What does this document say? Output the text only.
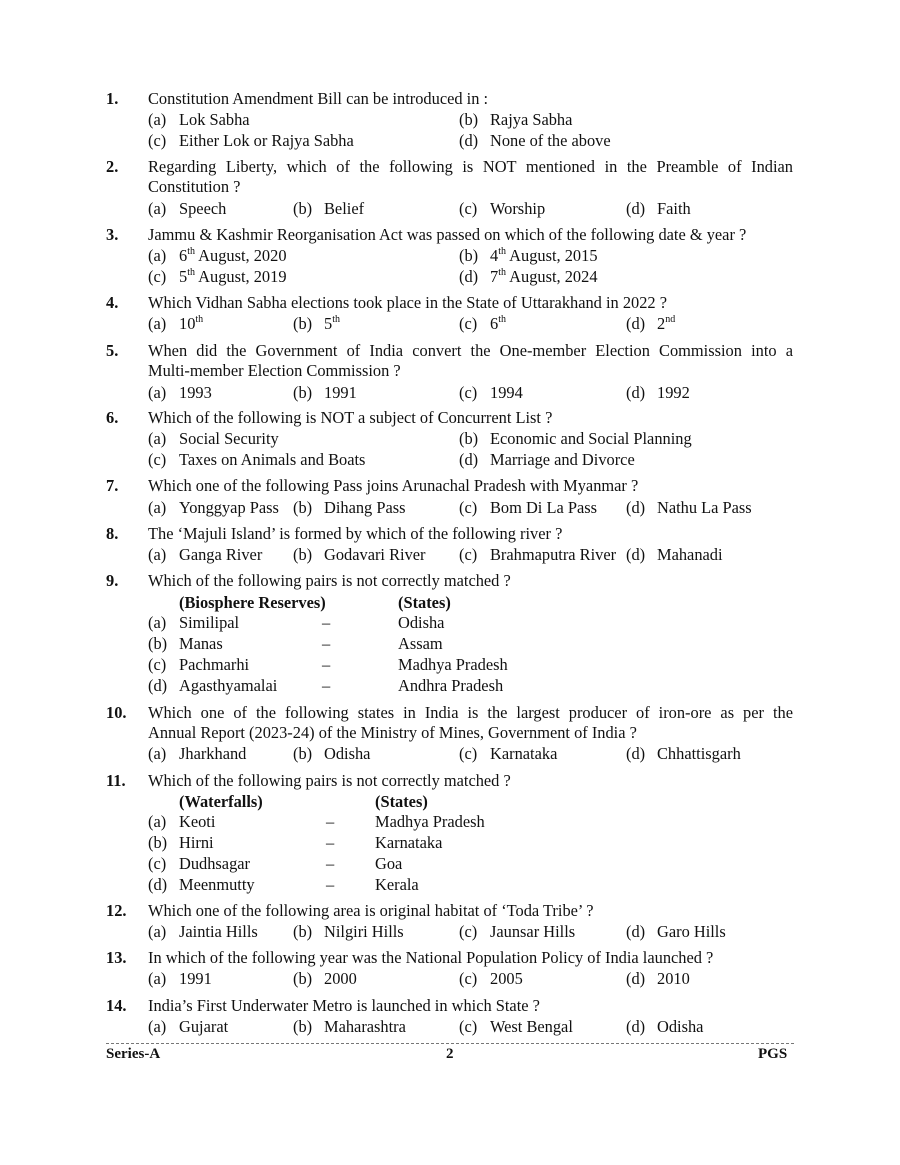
1. Constitution Amendment Bill can be introduced in :
(a) Lok Sabha	(b) Rajya Sabha
(c) Either Lok or Rajya Sabha	(d) None of the above
2. Regarding Liberty, which of the following is NOT mentioned in the Preamble of Indian
Constitution ?
(a) Speech	(b) Belief	(c) Worship	(d) Faith
3. Jammu & Kashmir Reorganisation Act was passed on which of the following date & year ?
(a) 6th August, 2020	(b) 4th August, 2015
(c) 5th August, 2019	(d) 7th August, 2024
4. Which Vidhan Sabha elections took place in the State of Uttarakhand in 2022 ?
(a) 10th	(b) 5th	(c) 6th	(d) 2nd
5. When did the Government of India convert the One-member Election Commission into a
Multi-member Election Commission ?
(a) 1993	(b) 1991	(c) 1994	(d) 1992
6. Which of the following is NOT a subject of Concurrent List ?
(a) Social Security	(b) Economic and Social Planning
(c) Taxes on Animals and Boats	(d) Marriage and Divorce
7. Which one of the following Pass joins Arunachal Pradesh with Myanmar ?
(a) Yonggyap Pass (b) Dihang Pass	(c) Bom Di La Pass (d) Nathu La Pass
8. The ‘Majuli Island’ is formed by which of the following river ?
(a) Ganga River (b) Godavari River (c) Brahmaputra River (d) Mahanadi
9. Which of the following pairs is not correctly matched ?
(Biosphere Reserves)	(States)
(a) Similipal	–	Odisha
(b) Manas	–	Assam
(c) Pachmarhi	–	Madhya Pradesh
(d) Agasthyamalai	–	Andhra Pradesh
10. Which one of the following states in India is the largest producer of iron-ore as per the
Annual Report (2023-24) of the Ministry of Mines, Government of India ?
(a) Jharkhand	(b) Odisha	(c) Karnataka	(d) Chhattisgarh
11. Which of the following pairs is not correctly matched ?
(Waterfalls)	(States)
(a) Keoti	– Madhya Pradesh
(b) Hirni	– Karnataka
(c) Dudhsagar	– Goa
(d) Meenmutty	– Kerala
12. Which one of the following area is original habitat of ‘Toda Tribe’ ?
(a) Jaintia Hills (b) Nilgiri Hills	(c) Jaunsar Hills	(d) Garo Hills
13. In which of the following year was the National Population Policy of India launched ?
(a) 1991	(b) 2000	(c) 2005	(d) 2010
14. India’s First Underwater Metro is launched in which State ?
(a) Gujarat	(b) Maharashtra	(c) West Bengal	(d) Odisha
Series-A	2	PGS
